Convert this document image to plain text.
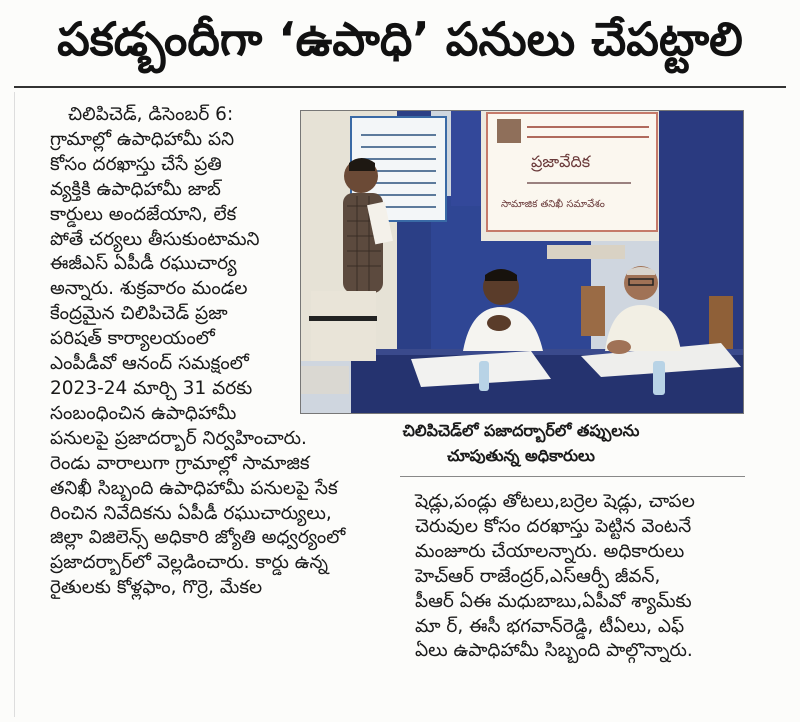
పకడ్బందీగా ‘ఉపాధి’ పనులు చేపట్టాలి

చిలిపిచెడ్, డిసెంబర్ 6:

గ్రామాల్లో ఉపాధిహామీ పని

కోసం దరఖాస్తు చేసే ప్రతి

వ్యక్తికి ఉపాధిహామీ జాబ్

కార్డులు అందజేయాని, లేక

పోతే చర్యలు తీసుకుంటామని

ఈజీఎస్ ఏపీడీ రఘుచార్య

అన్నారు. శుక్రవారం మండల

కేంద్రమైన చిలిపిచెడ్ ప్రజా

పరిషత్ కార్యాలయంలో

ఎంపీడీవో ఆనంద్ సమక్షంలో

2023-24 మార్చి 31 వరకు

సంబంధించిన ఉపాధిహామీ

పనులపై ప్రజాదర్బార్ నిర్వహించారు.

రెండు వారాలుగా గ్రామాల్లో సామాజిక

తనిఖీ సిబ్బంది ఉపాధిహామీ పనులపై సేక

రించిన నివేదికను ఏపీడీ రఘుచార్యులు,

జిల్లా విజిలెన్స్ అధికారి జ్యోతి అధ్వర్యంలో

ప్రజాదర్బార్‌లో వెల్లడించారు. కార్డు ఉన్న

రైతులకు కోళ్లఫాం, గొర్రె, మేకల

ప్రజావేదిక
సామాజిక తనిఖీ సమావేశం
చిలిపిచెడ్‌లో పజాదర్బార్‌లో తప్పులను
చూపుతున్న అధికారులు

షెడ్లు,పండ్లు తోటలు,బర్రెల షెడ్లు, చాపల

చెరువుల కోసం దరఖాస్తు పెట్టిన వెంటనే

మంజూరు చేయాలన్నారు. అధికారులు

హెచ్ఆర్ రాజేంద్రర్,ఎస్ఆర్పీ జీవన్,

పీఆర్ ఏఈ మధుబాబు,ఏపీవో శ్యామ్‌కు

మా ర్, ఈసీ భగవాన్‌రెడ్డి, టీఏలు, ఎఫ్

ఏలు ఉపాధిహామీ సిబ్బంది పాల్గొన్నారు.
